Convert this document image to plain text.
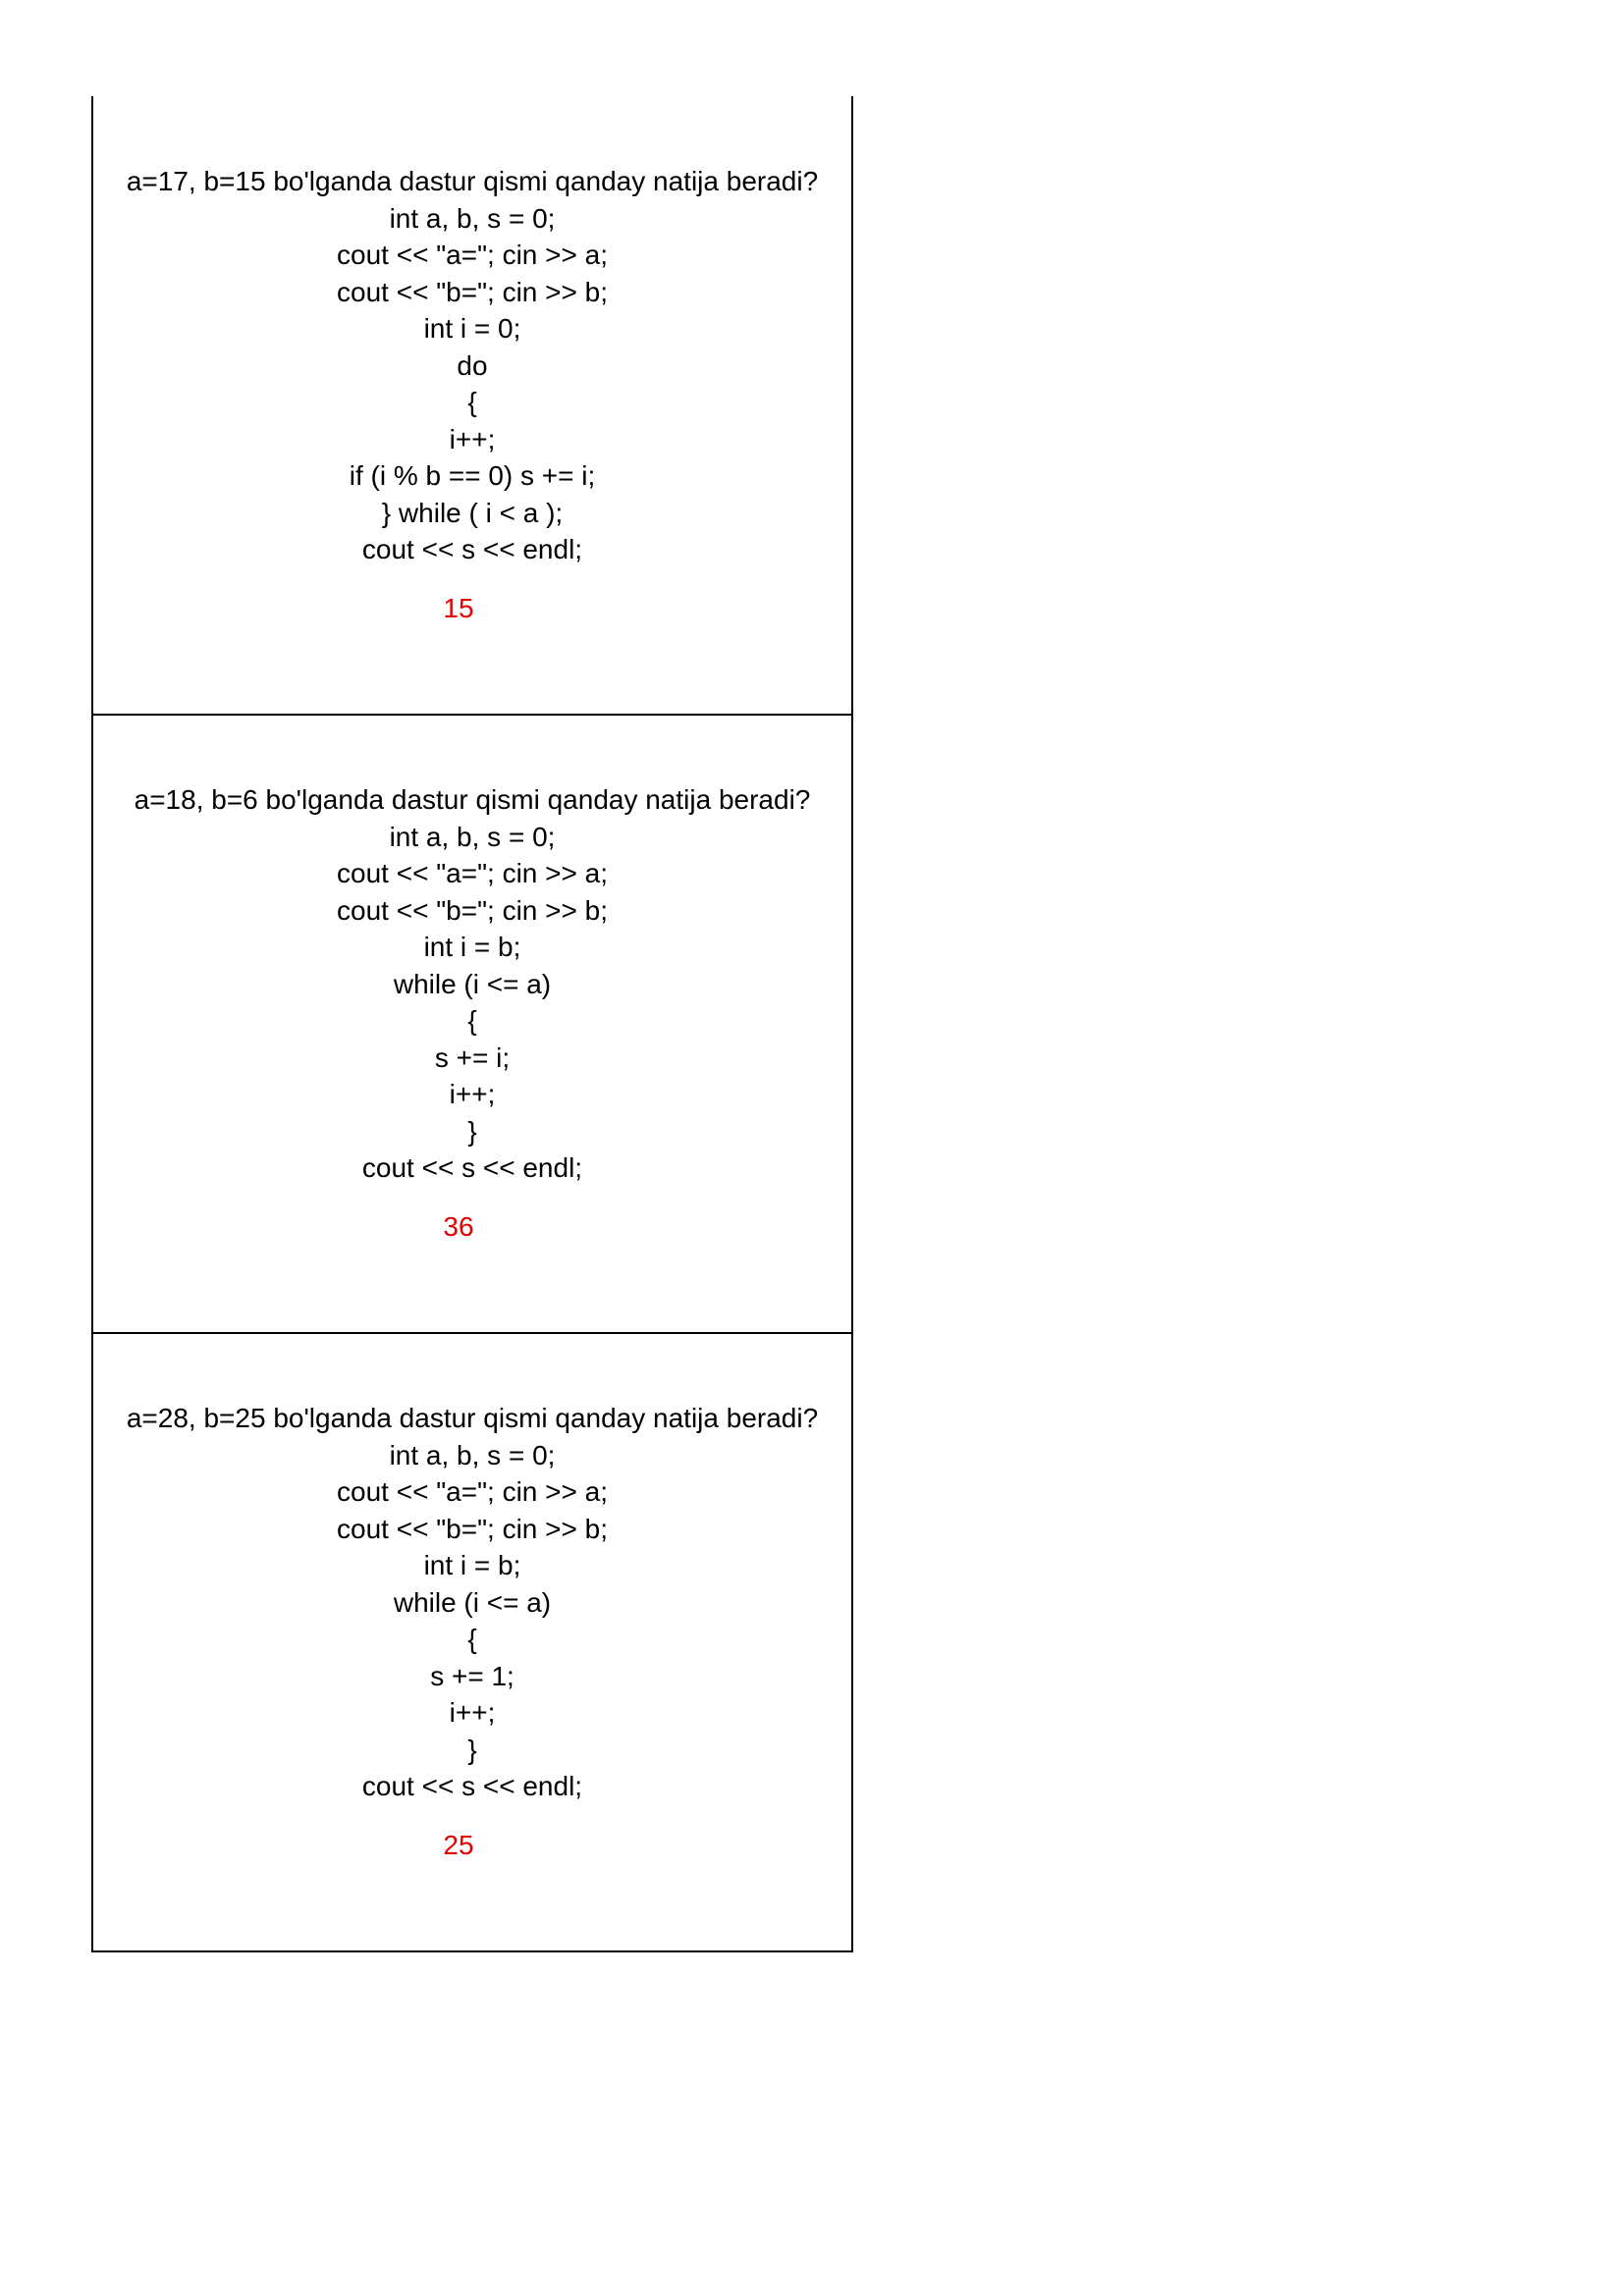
a=17, b=15 bo'lganda dastur qismi qanday natija beradi?
int a, b, s = 0;
cout << "a="; cin >> a;
cout << "b="; cin >> b;
int i = 0;
do
{
i++;
if (i % b == 0) s += i;
} while ( i < a );
cout << s << endl;
15
a=18, b=6 bo'lganda dastur qismi qanday natija beradi?
int a, b, s = 0;
cout << "a="; cin >> a;
cout << "b="; cin >> b;
int i = b;
while (i <= a)
{
s += i;
i++;
}
cout << s << endl;
36
a=28, b=25 bo'lganda dastur qismi qanday natija beradi?
int a, b, s = 0;
cout << "a="; cin >> a;
cout << "b="; cin >> b;
int i = b;
while (i <= a)
{
s += 1;
i++;
}
cout << s << endl;
25
